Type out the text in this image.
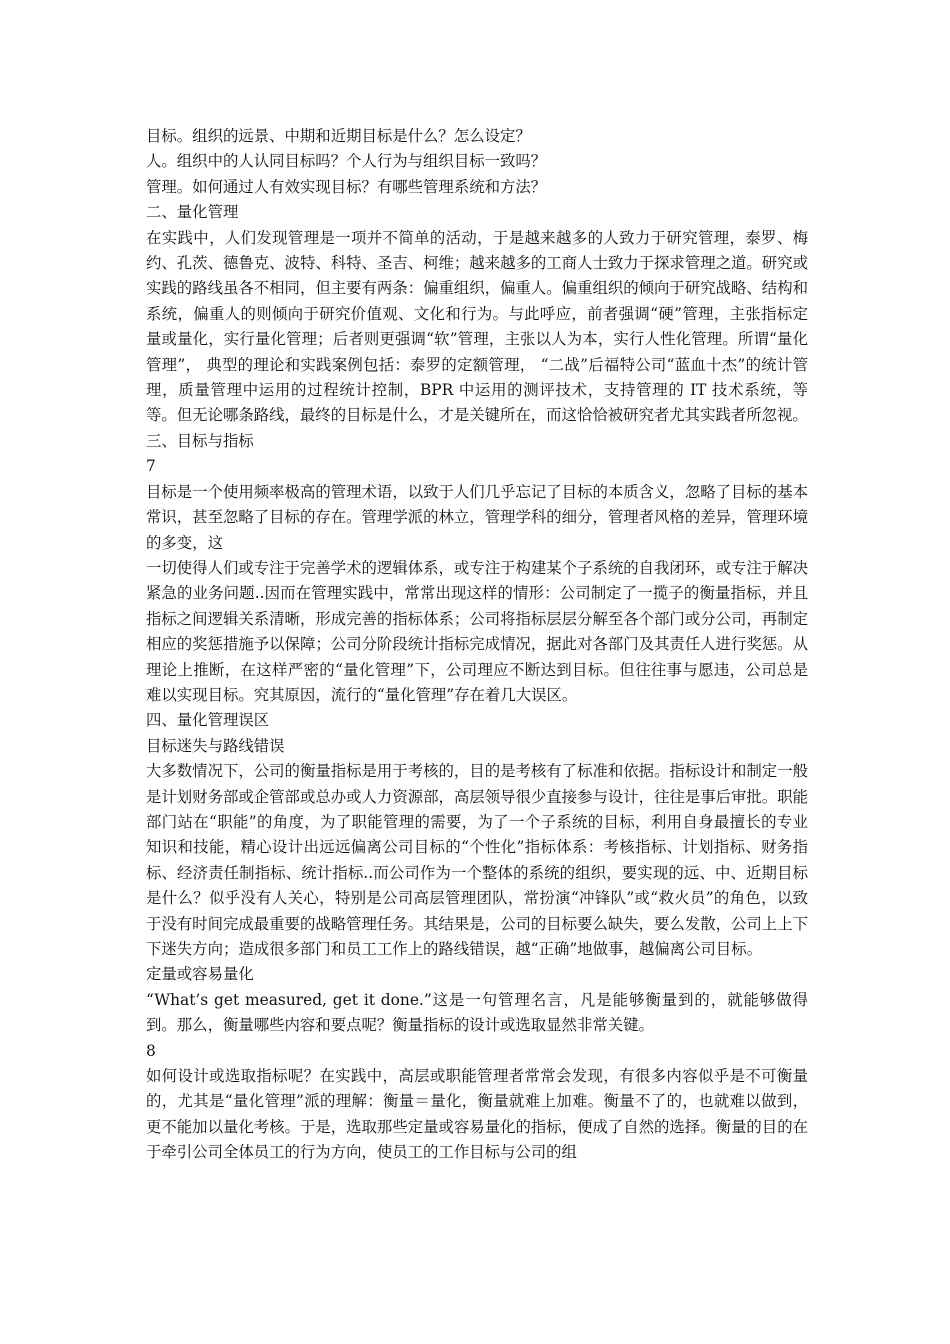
目标。组织的远景、中期和近期目标是什么？怎么设定？

人。组织中的人认同目标吗？个人行为与组织目标一致吗？

管理。如何通过人有效实现目标？有哪些管理系统和方法？

二、量化管理

在实践中，人们发现管理是一项并不简单的活动，于是越来越多的人致力于研究管理，泰罗、梅约、孔茨、德鲁克、波特、科特、圣吉、柯维；越来越多的工商人士致力于探求管理之道。研究或实践的路线虽各不相同，但主要有两条：偏重组织，偏重人。偏重组织的倾向于研究战略、结构和系统，偏重人的则倾向于研究价值观、文化和行为。与此呼应，前者强调“硬”管理，主张指标定量或量化，实行量化管理；后者则更强调“软”管理，主张以人为本，实行人性化管理。所谓“量化管理”， 典型的理论和实践案例包括：泰罗的定额管理， “二战”后福特公司“蓝血十杰”的统计管理，质量管理中运用的过程统计控制，BPR 中运用的测评技术，支持管理的 IT 技术系统，等等。但无论哪条路线，最终的目标是什么，才是关键所在，而这恰恰被研究者尤其实践者所忽视。

三、目标与指标

7

目标是一个使用频率极高的管理术语，以致于人们几乎忘记了目标的本质含义，忽略了目标的基本常识，甚至忽略了目标的存在。管理学派的林立，管理学科的细分，管理者风格的差异，管理环境的多变，这

一切使得人们或专注于完善学术的逻辑体系，或专注于构建某个子系统的自我闭环，或专注于解决紧急的业务问题..因而在管理实践中，常常出现这样的情形：公司制定了一揽子的衡量指标，并且指标之间逻辑关系清晰，形成完善的指标体系；公司将指标层层分解至各个部门或分公司，再制定相应的奖惩措施予以保障；公司分阶段统计指标完成情况，据此对各部门及其责任人进行奖惩。从理论上推断，在这样严密的“量化管理”下，公司理应不断达到目标。但往往事与愿违，公司总是难以实现目标。究其原因，流行的“量化管理”存在着几大误区。

四、量化管理误区

目标迷失与路线错误

大多数情况下，公司的衡量指标是用于考核的，目的是考核有了标准和依据。指标设计和制定一般是计划财务部或企管部或总办或人力资源部，高层领导很少直接参与设计，往往是事后审批。职能部门站在“职能”的角度，为了职能管理的需要，为了一个子系统的目标，利用自身最擅长的专业知识和技能，精心设计出远远偏离公司目标的“个性化”指标体系：考核指标、计划指标、财务指标、经济责任制指标、统计指标..而公司作为一个整体的系统的组织，要实现的远、中、近期目标是什么？似乎没有人关心，特别是公司高层管理团队，常扮演“冲锋队”或“救火员”的角色，以致于没有时间完成最重要的战略管理任务。其结果是，公司的目标要么缺失，要么发散，公司上上下下迷失方向；造成很多部门和员工工作上的路线错误，越“正确”地做事，越偏离公司目标。

定量或容易量化

“What’s get measured, get it done.”这是一句管理名言，凡是能够衡量到的，就能够做得到。那么，衡量哪些内容和要点呢？衡量指标的设计或选取显然非常关键。

8

如何设计或选取指标呢？在实践中，高层或职能管理者常常会发现，有很多内容似乎是不可衡量的，尤其是“量化管理”派的理解：衡量＝量化，衡量就难上加难。衡量不了的，也就难以做到，更不能加以量化考核。于是，选取那些定量或容易量化的指标，便成了自然的选择。衡量的目的在于牵引公司全体员工的行为方向，使员工的工作目标与公司的组
